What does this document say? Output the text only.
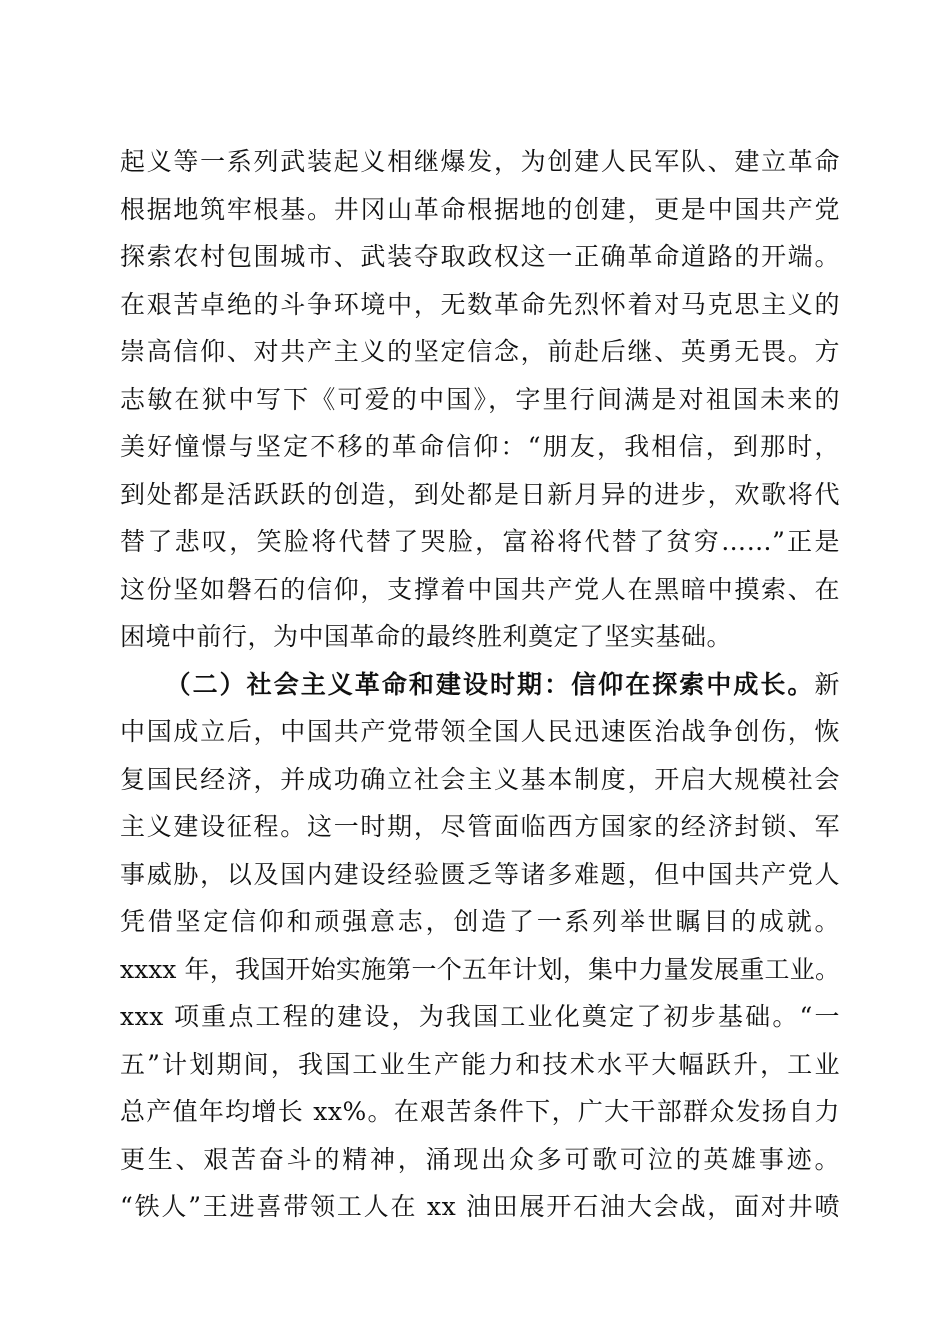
起义等一系列武装起义相继爆发，为创建人民军队、建立革命
根据地筑牢根基。井冈山革命根据地的创建，更是中国共产党
探索农村包围城市、武装夺取政权这一正确革命道路的开端。
在艰苦卓绝的斗争环境中，无数革命先烈怀着对马克思主义的
崇高信仰、对共产主义的坚定信念，前赴后继、英勇无畏。方
志敏在狱中写下《可爱的中国》，字里行间满是对祖国未来的
美好憧憬与坚定不移的革命信仰：“朋友，我相信，到那时，
到处都是活跃跃的创造，到处都是日新月异的进步，欢歌将代
替了悲叹，笑脸将代替了哭脸，富裕将代替了贫穷……”正是
这份坚如磐石的信仰，支撑着中国共产党人在黑暗中摸索、在
困境中前行，为中国革命的最终胜利奠定了坚实基础。
（二）社会主义革命和建设时期：信仰在探索中成长。新
中国成立后，中国共产党带领全国人民迅速医治战争创伤，恢
复国民经济，并成功确立社会主义基本制度，开启大规模社会
主义建设征程。这一时期，尽管面临西方国家的经济封锁、军
事威胁，以及国内建设经验匮乏等诸多难题，但中国共产党人
凭借坚定信仰和顽强意志，创造了一系列举世瞩目的成就。
xxxx 年，我国开始实施第一个五年计划，集中力量发展重工业。
xxx 项重点工程的建设，为我国工业化奠定了初步基础。“一
五”计划期间，我国工业生产能力和技术水平大幅跃升，工业
总产值年均增长 xx%。在艰苦条件下，广大干部群众发扬自力
更生、艰苦奋斗的精神，涌现出众多可歌可泣的英雄事迹。
“铁人”王进喜带领工人在 xx 油田展开石油大会战，面对井喷
